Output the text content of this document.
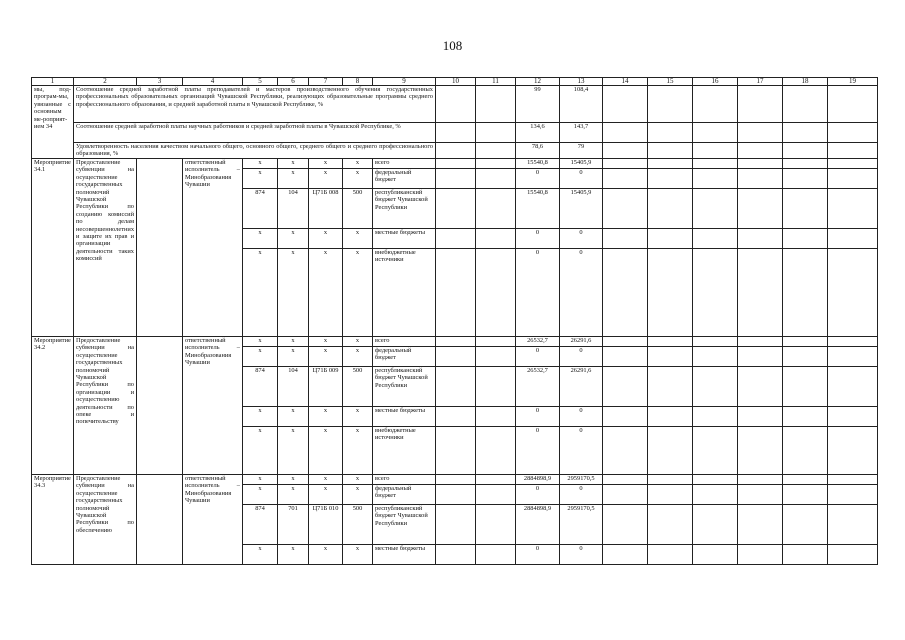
108
1	2	3	4	5	6	7	8	9	10	11	12	13	14	15	16	17	18	19
мы, под-програм-мы, увязанные с основным ме-роприят-ием 34	Соотношение средней заработной платы преподавателей и мастеров производственного обучения государственных профессиональных образовательных организаций Чувашской Республики, реализующих образовательные программы среднего профессионального образования, и средней заработной платы в Чувашской Республике, %										99	108,4						
	Соотношение средней заработной платы научных работников и средней заработной платы в Чувашской Республике, %										134,6	143,7						
	Удовлетворенность населения качеством начального общего, основного общего, среднего общего и среднего профессионального образования, %										78,6	79						
Мероприятие 34.1	Предоставление субвенции на осуществление государственных полномочий Чувашской Республики по созданию комиссий по делам несовершеннолетних и защите их прав и организации деятельности таких комиссий		ответственный исполнитель – Минобразования Чувашии	x	x	x	x	всего			15540,8	15405,9						
				x	x	x	x	федеральный бюджет			0	0						
				874	104	Ц71Б 008	500	республиканский бюджет Чувашской Республики			15540,8	15405,9						
				x	x	x	x	местные бюджеты			0	0						
				x	x	x	x	внебюджетные источники			0	0						
Мероприятие 34.2	Предоставление субвенции на осуществление государственных полномочий Чувашской Республики по организации и осуществлению деятельности по опеке и попечительству		ответственный исполнитель – Минобразования Чувашии	x	x	x	x	всего			26532,7	26291,6						
				x	x	x	x	федеральный бюджет			0	0						
				874	104	Ц71Б 009	500	республиканский бюджет Чувашской Республики			26532,7	26291,6						
				x	x	x	x	местные бюджеты			0	0						
				x	x	x	x	внебюджетные источники			0	0						
Мероприятие 34.3	Предоставление субвенции на осуществление государственных полномочий Чувашской Республики по обеспечению		ответственный исполнитель – Минобразования Чувашии	x	x	x	x	всего			2884898,9	2959170,5						
				x	x	x	x	федеральный бюджет			0	0						
				874	701	Ц71Б 010	500	республиканский бюджет Чувашской Республики			2884898,9	2959170,5						
				x	x	x	x	местные бюджеты			0	0						
